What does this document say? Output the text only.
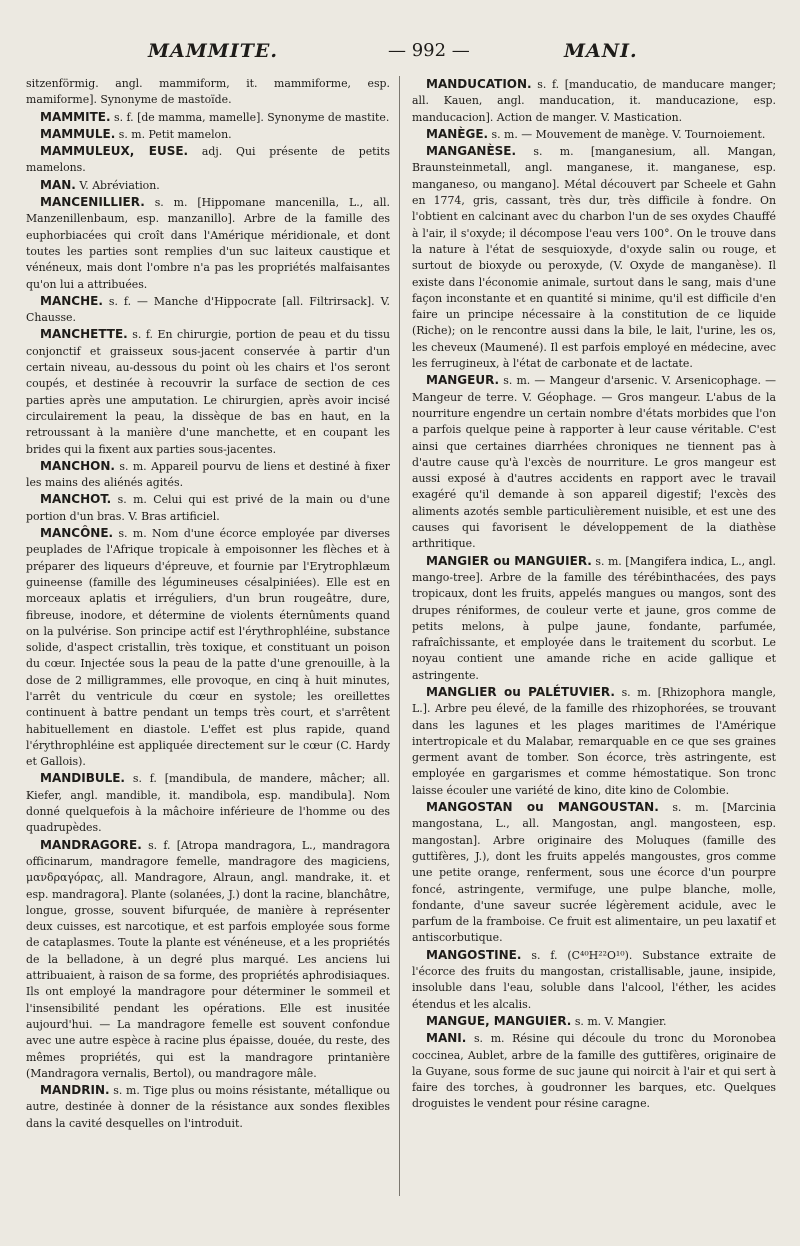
MAMMITE.	— 992 —	MANI.

sitzenförmig. angl. mammiform, it. mammiforme, esp. mamiforme]. Synonyme de mastoïde.

MAMMITE. s. f. [de mamma, mamelle]. Synonyme de mastite.

MAMMULE. s. m. Petit mamelon.

MAMMULEUX, EUSE. adj. Qui présente de petits mamelons.

MAN. V. Abréviation.

MANCENILLIER. s. m. [Hippomane mancenilla, L., all. Manzenillenbaum, esp. manzanillo]. Arbre de la famille des euphorbiacées qui croît dans l'Amérique méridionale, et dont toutes les parties sont remplies d'un suc laiteux caustique et vénéneux, mais dont l'ombre n'a pas les propriétés malfaisantes qu'on lui a attribuées.

MANCHE. s. f. — Manche d'Hippocrate [all. Filtrirsack]. V. Chausse.

MANCHETTE. s. f. En chirurgie, portion de peau et du tissu conjonctif et graisseux sous-jacent conservée à partir d'un certain niveau, au-dessous du point où les chairs et l'os seront coupés, et destinée à recouvrir la surface de section de ces parties après une amputation. Le chirurgien, après avoir incisé circulairement la peau, la dissèque de bas en haut, en la retroussant à la manière d'une manchette, et en coupant les brides qui la fixent aux parties sous-jacentes.

MANCHON. s. m. Appareil pourvu de liens et destiné à fixer les mains des aliénés agités.

MANCHOT. s. m. Celui qui est privé de la main ou d'une portion d'un bras. V. Bras artificiel.

MANCÔNE. s. m. Nom d'une écorce employée par diverses peuplades de l'Afrique tropicale à empoisonner les flèches et à préparer des liqueurs d'épreuve, et fournie par l'Erytrophlæum guineense (famille des légumineuses césalpiniées). Elle est en morceaux aplatis et irréguliers, d'un brun rougeâtre, dure, fibreuse, inodore, et détermine de violents éternûments quand on la pulvérise. Son principe actif est l'érythrophléine, substance solide, d'aspect cristallin, très toxique, et constituant un poison du cœur. Injectée sous la peau de la patte d'une grenouille, à la dose de 2 milligrammes, elle provoque, en cinq à huit minutes, l'arrêt du ventricule du cœur en systole; les oreillettes continuent à battre pendant un temps très court, et s'arrêtent habituellement en diastole. L'effet est plus rapide, quand l'érythrophléine est appliquée directement sur le cœur (C. Hardy et Gallois).

MANDIBULE. s. f. [mandibula, de mandere, mâcher; all. Kiefer, angl. mandible, it. mandibola, esp. mandibula]. Nom donné quelquefois à la mâchoire inférieure de l'homme ou des quadrupèdes.

MANDRAGORE. s. f. [Atropa mandragora, L., mandragora officinarum, mandragore femelle, mandragore des magiciens, μανδραγόρας, all. Mandragore, Alraun, angl. mandrake, it. et esp. mandragora]. Plante (solanées, J.) dont la racine, blanchâtre, longue, grosse, souvent bifurquée, de manière à représenter deux cuisses, est narcotique, et est parfois employée sous forme de cataplasmes. Toute la plante est vénéneuse, et a les propriétés de la belladone, à un degré plus marqué. Les anciens lui attribuaient, à raison de sa forme, des propriétés aphrodisiaques. Ils ont employé la mandragore pour déterminer le sommeil et l'insensibilité pendant les opérations. Elle est inusitée aujourd'hui. — La mandragore femelle est souvent confondue avec une autre espèce à racine plus épaisse, douée, du reste, des mêmes propriétés, qui est la mandragore printanière (Mandragora vernalis, Bertol), ou mandragore mâle.

MANDRIN. s. m. Tige plus ou moins résistante, métallique ou autre, destinée à donner de la résistance aux sondes flexibles dans la cavité desquelles on l'introduit.

MANDUCATION. s. f. [manducatio, de manducare manger; all. Kauen, angl. manducation, it. manducazione, esp. manducacion]. Action de manger. V. Mastication.

MANÈGE. s. m. — Mouvement de manège. V. Tournoiement.

MANGANÈSE. s. m. [manganesium, all. Mangan, Braunsteinmetall, angl. manganese, it. manganese, esp. manganeso, ou mangano]. Métal découvert par Scheele et Gahn en 1774, gris, cassant, très dur, très difficile à fondre. On l'obtient en calcinant avec du charbon l'un de ses oxydes Chauffé à l'air, il s'oxyde; il décompose l'eau vers 100°. On le trouve dans la nature à l'état de sesquioxyde, d'oxyde salin ou rouge, et surtout de bioxyde ou peroxyde, (V. Oxyde de manganèse). Il existe dans l'économie animale, surtout dans le sang, mais d'une façon inconstante et en quantité si minime, qu'il est difficile d'en faire un principe nécessaire à la constitution de ce liquide (Riche); on le rencontre aussi dans la bile, le lait, l'urine, les os, les cheveux (Maumené). Il est parfois employé en médecine, avec les ferrugineux, à l'état de carbonate et de lactate.

MANGEUR. s. m. — Mangeur d'arsenic. V. Arsenicophage. — Mangeur de terre. V. Géophage. — Gros mangeur. L'abus de la nourriture engendre un certain nombre d'états morbides que l'on a parfois quelque peine à rapporter à leur cause véritable. C'est ainsi que certaines diarrhées chroniques ne tiennent pas à d'autre cause qu'à l'excès de nourriture. Le gros mangeur est aussi exposé à d'autres accidents en rapport avec le travail exagéré qu'il demande à son appareil digestif; l'excès des aliments azotés semble particulièrement nuisible, et est une des causes qui favorisent le développement de la diathèse arthritique.

MANGIER ou MANGUIER. s. m. [Mangifera indica, L., angl. mango-tree]. Arbre de la famille des térébinthacées, des pays tropicaux, dont les fruits, appelés mangues ou mangos, sont des drupes réniformes, de couleur verte et jaune, gros comme de petits melons, à pulpe jaune, fondante, parfumée, rafraîchissante, et employée dans le traitement du scorbut. Le noyau contient une amande riche en acide gallique et astringente.

MANGLIER ou PALÉTUVIER. s. m. [Rhizophora mangle, L.]. Arbre peu élevé, de la famille des rhizophorées, se trouvant dans les lagunes et les plages maritimes de l'Amérique intertropicale et du Malabar, remarquable en ce que ses graines germent avant de tomber. Son écorce, très astringente, est employée en gargarismes et comme hémostatique. Son tronc laisse écouler une variété de kino, dite kino de Colombie.

MANGOSTAN ou MANGOUSTAN. s. m. [Marcinia mangostana, L., all. Mangostan, angl. mangosteen, esp. mangostan]. Arbre originaire des Moluques (famille des guttifères, J.), dont les fruits appelés mangoustes, gros comme une petite orange, renferment, sous une écorce d'un pourpre foncé, astringente, vermifuge, une pulpe blanche, molle, fondante, d'une saveur sucrée légèrement acidule, avec le parfum de la framboise. Ce fruit est alimentaire, un peu laxatif et antiscorbutique.

MANGOSTINE. s. f. (C⁴⁰H²²O¹⁰). Substance extraite de l'écorce des fruits du mangostan, cristallisable, jaune, insipide, insoluble dans l'eau, soluble dans l'alcool, l'éther, les acides étendus et les alcalis.

MANGUE, MANGUIER. s. m. V. Mangier.

MANI. s. m. Résine qui découle du tronc du Moronobea coccinea, Aublet, arbre de la famille des guttifères, originaire de la Guyane, sous forme de suc jaune qui noircit à l'air et qui sert à faire des torches, à goudronner les barques, etc. Quelques droguistes le vendent pour résine caragne.
